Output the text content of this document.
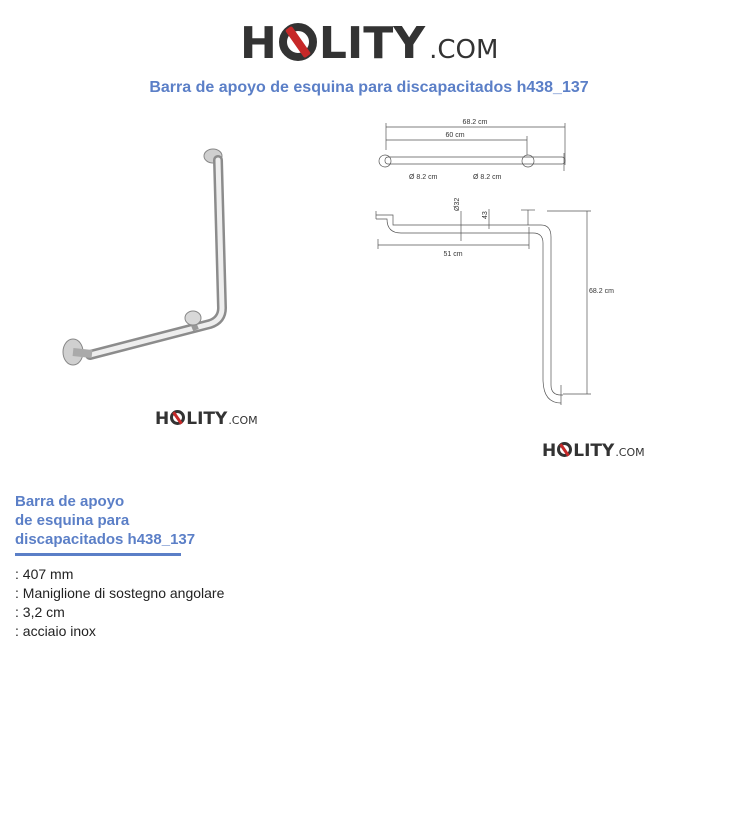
H LITY .COM
Barra de apoyo de esquina para discapacitados h438_137
H LITY .COM
68.2 cm
60 cm
Ø 8.2 cm	Ø 8.2 cm
Ø32
43
51 cm
68.2 cm
H LITY .COM
Barra de apoyo
de esquina para
discapacitados h438_137
: 407 mm
: Maniglione di sostegno angolare
: 3,2 cm
: acciaio inox
